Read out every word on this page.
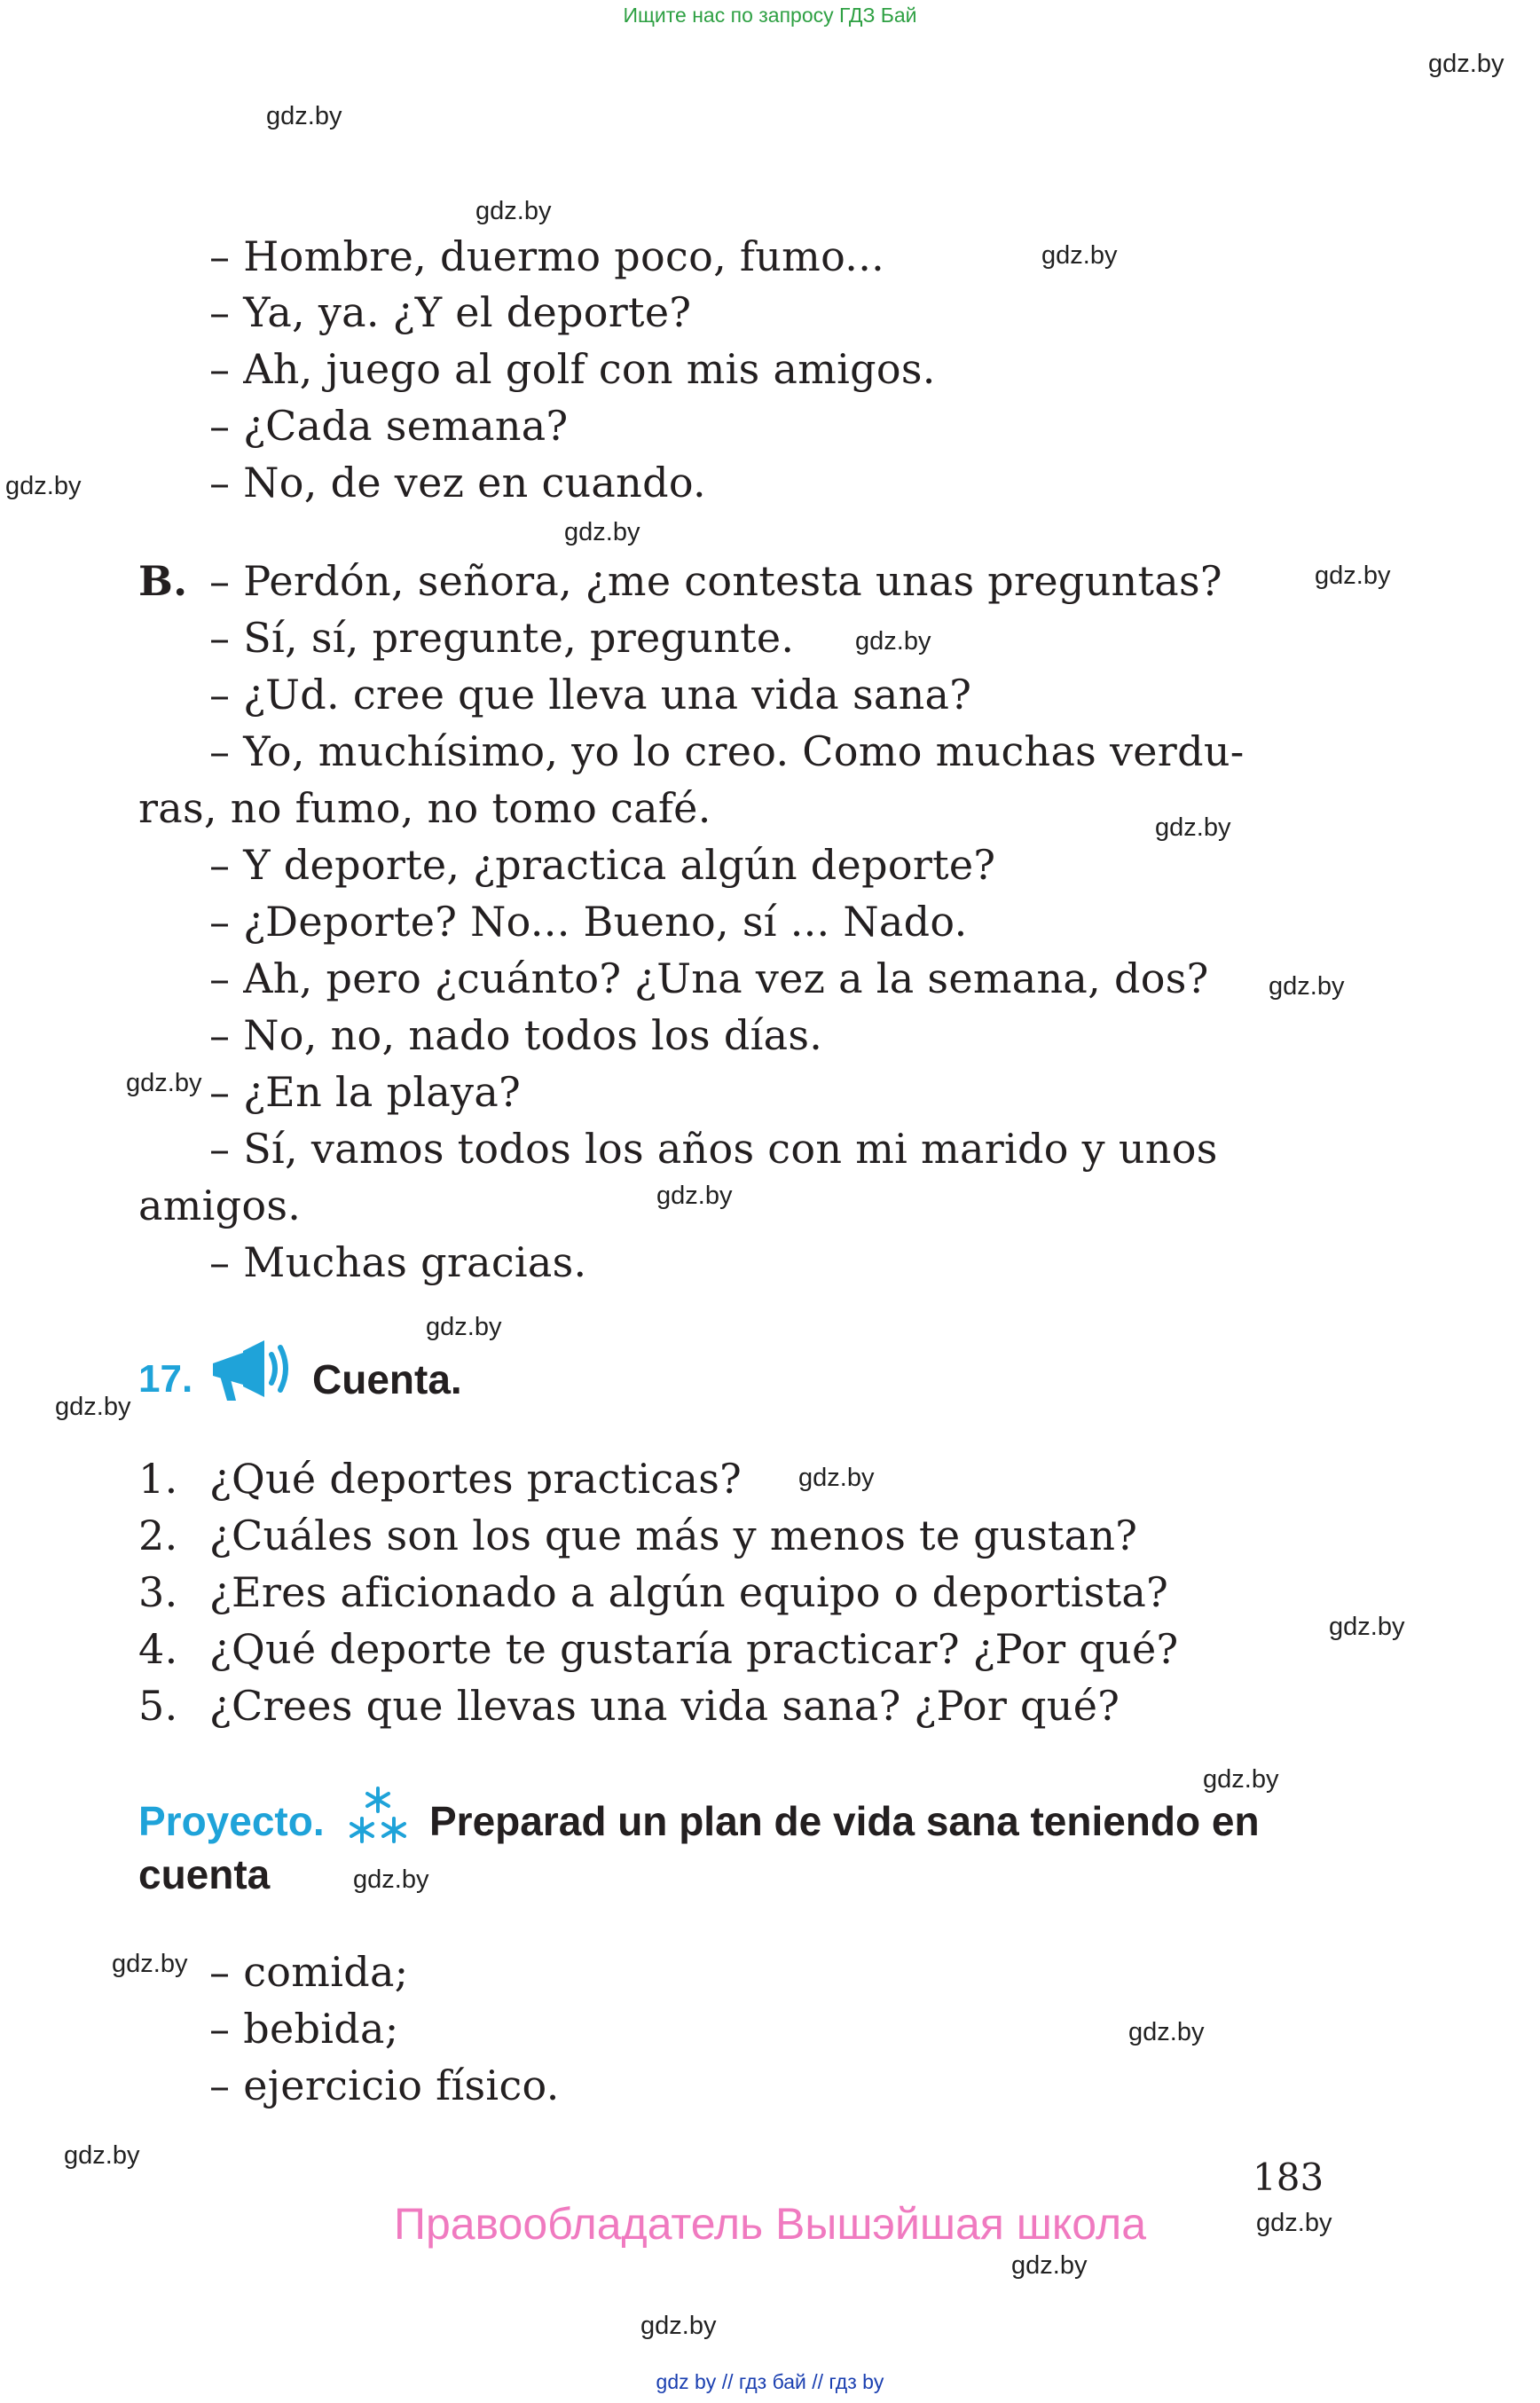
Ищите нас по запросу ГДЗ Бай
gdz.by
gdz.by
gdz.by
gdz.by
gdz.by
gdz.by
gdz.by
gdz.by
gdz.by
gdz.by
gdz.by
gdz.by
gdz.by
gdz.by
gdz.by
gdz.by
gdz.by
gdz.by
gdz.by
gdz.by
gdz.by
gdz.by
gdz.by
gdz.by
– Hombre, duermo poco, fumo...
– Ya, ya. ¿Y el deporte?
– Ah, juego al golf con mis amigos.
– ¿Cada semana?
– No, de vez en cuando.
B. – Perdón, señora, ¿me contesta unas preguntas?
– Sí, sí, pregunte, pregunte.
– ¿Ud. cree que lleva una vida sana?
– Yo, muchísimo, yo lo creo. Como muchas verdu-
ras, no fumo, no tomo café.
– Y deporte, ¿practica algún deporte?
– ¿Deporte? No... Bueno, sí ... Nado.
– Ah, pero ¿cuánto? ¿Una vez a la semana, dos?
– No, no, nado todos los días.
– ¿En la playa?
– Sí, vamos todos los años con mi marido y unos
amigos.
– Muchas gracias.
17.	Cuenta.
1. ¿Qué deportes practicas?
2. ¿Cuáles son los que más y menos te gustan?
3. ¿Eres aficionado a algún equipo o deportista?
4. ¿Qué deporte te gustaría practicar? ¿Por qué?
5. ¿Crees que llevas una vida sana? ¿Por qué?
Proyecto.	Preparad un plan de vida sana teniendo en
cuenta
– comida;
– bebida;
– ejercicio físico.
183
Правообладатель Вышэйшая школа
gdz by // гдз бай // гдз by
